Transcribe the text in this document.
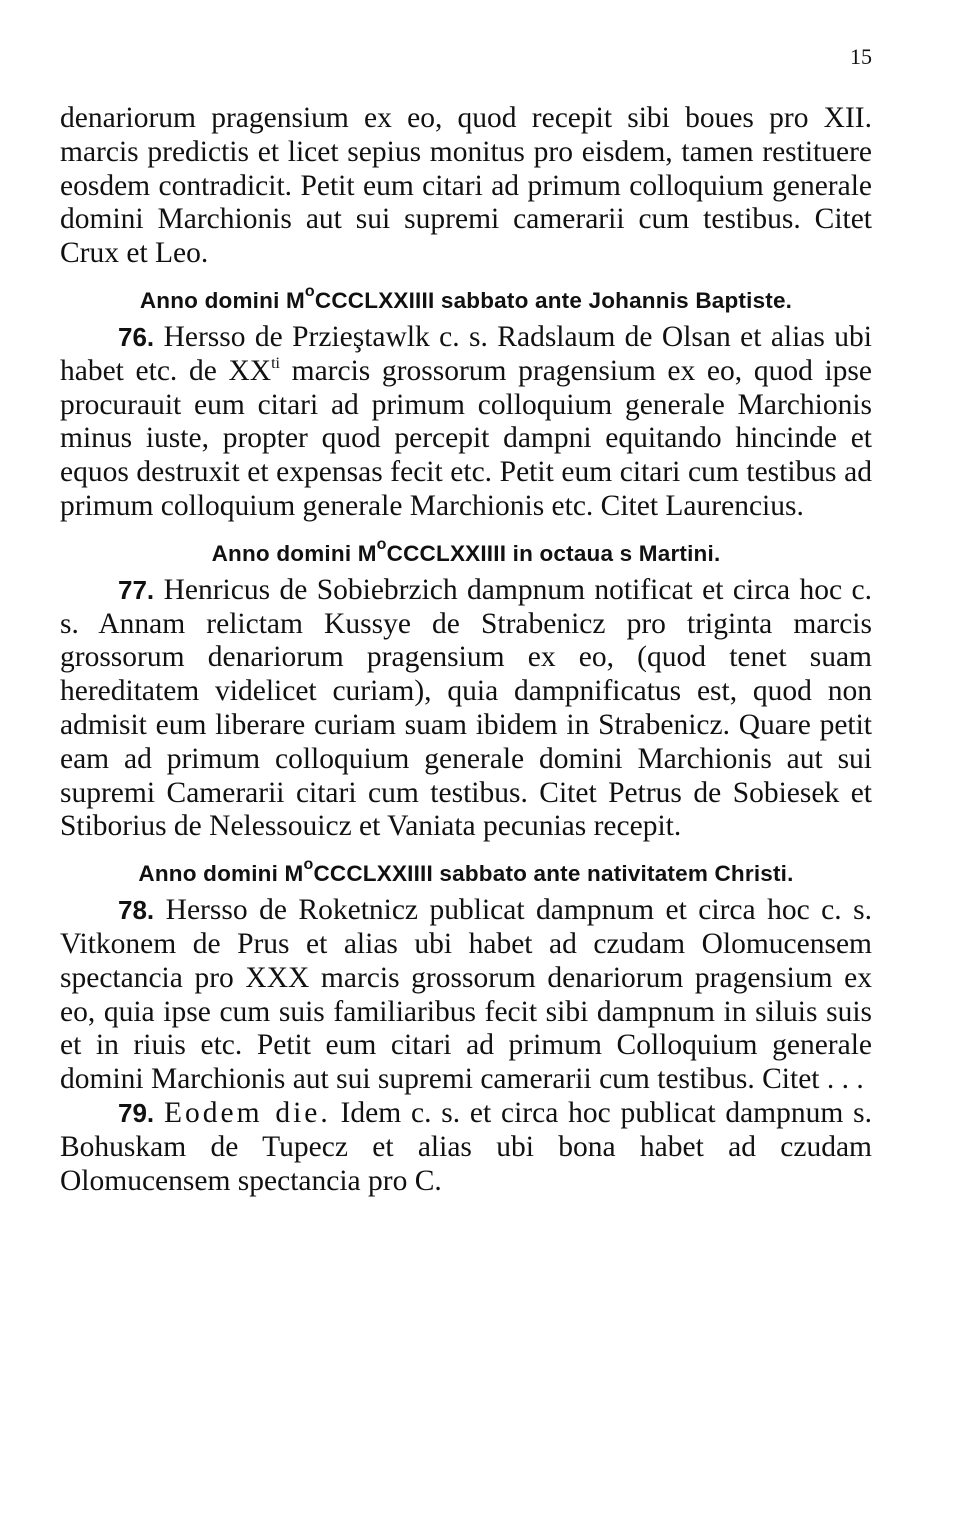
15

denariorum pragensium ex eo, quod recepit sibi boues pro XII. marcis predictis et licet sepius monitus pro eisdem, tamen restituere eosdem contradicit. Petit eum citari ad primum colloquium generale domini Marchionis aut sui supremi camerarii cum testibus. Citet Crux et Leo.

Anno domini $M^oCCCLXXIIII$ sabbato ante Johannis Baptiste.

76. Hersso de Przieştawlk c. s. Radslaum de Olsan et alias ubi habet etc. de $XX^{ti}$ marcis grossorum pragensium ex eo, quod ipse procurauit eum citari ad primum colloquium generale Marchionis minus iuste, propter quod percepit dampni equitando hincinde et equos destruxit et expensas fecit etc. Petit eum citari cum testibus ad primum colloquium generale Marchionis etc. Citet Laurencius.

Anno domini $M^oCCCLXXIIII$ in octaua s Martini.

77. Henricus de Sobiebrzich dampnum notificat et circa hoc c. s. Annam relictam Kussye de Strabenicz pro triginta marcis grossorum denariorum pragensium ex eo, (quod tenet suam hereditatem videlicet curiam), quia dampnificatus est, quod non admisit eum liberare curiam suam ibidem in Strabenicz. Quare petit eam ad primum colloquium generale domini Marchionis aut sui supremi Camerarii citari cum testibus. Citet Petrus de Sobiesek et Stiborius de Nelessouicz et Vaniata pecunias recepit.

Anno domini $M^oCCCLXXIIII$ sabbato ante nativitatem Christi.

78. Hersso de Roketnicz publicat dampnum et circa hoc c. s. Vitkonem de Prus et alias ubi habet ad czudam Olomucensem spectancia pro XXX marcis grossorum denariorum pragensium ex eo, quia ipse cum suis familiaribus fecit sibi dampnum in siluis suis et in riuis etc. Petit eum citari ad primum Colloquium generale domini Marchionis aut sui supremi camerarii cum testibus. Citet . . .

79. Eodem die. Idem c. s. et circa hoc publicat dampnum s. Bohuskam de Tupecz et alias ubi bona habet ad czudam Olomucensem spectancia pro C.
